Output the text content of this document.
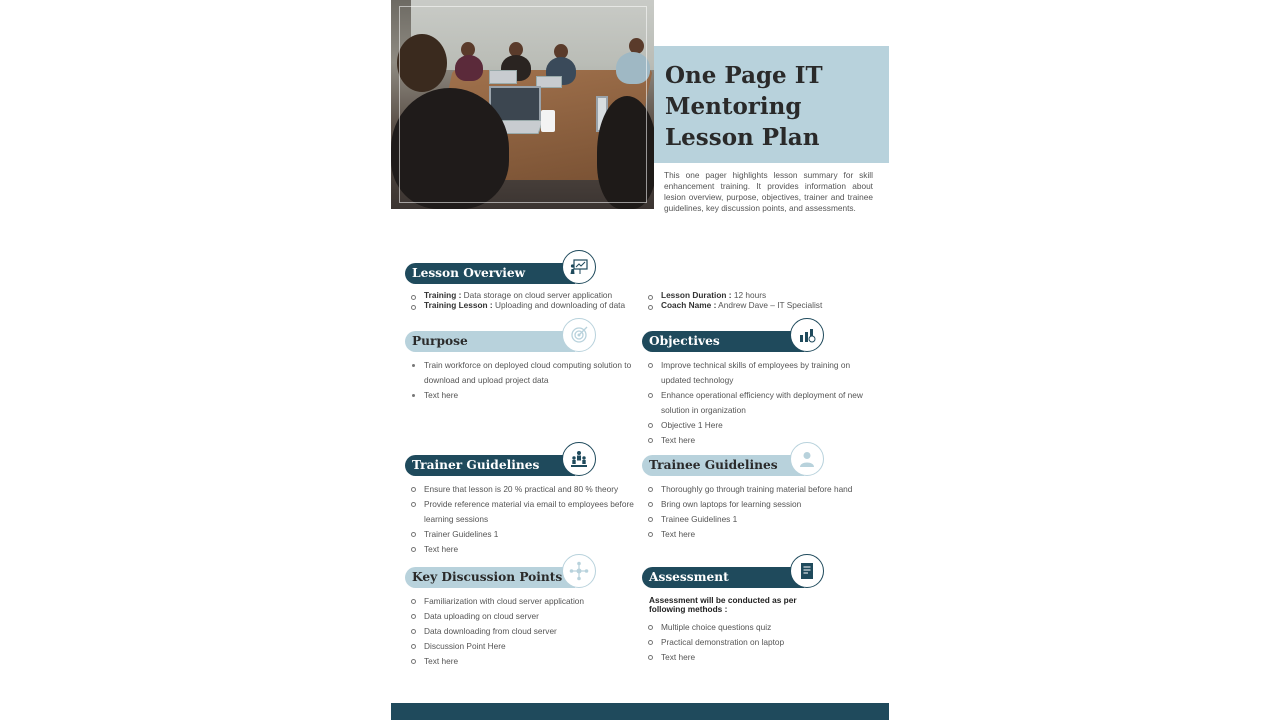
One Page IT Mentoring Lesson Plan

This one pager highlights lesson summary for skill enhancement training. It provides information about lesion overview, purpose, objectives, trainer and trainee guidelines, key discussion points, and assessments.

Lesson Overview
Training : Data storage on cloud server application
Training Lesson : Uploading and downloading of data
Lesson Duration : 12 hours
Coach Name : Andrew Dave – IT Specialist
Purpose
Train workforce on deployed cloud computing solution to download and upload project data
Text here
Objectives
Improve technical skills of employees by training on updated technology
Enhance operational efficiency with deployment of new solution in organization
Objective 1 Here
Text here
Trainer Guidelines
Ensure that lesson is 20 % practical and 80 % theory
Provide reference material via email to employees before learning sessions
Trainer Guidelines 1
Text here
Trainee Guidelines
Thoroughly go through training material before hand
Bring own laptops for learning session
Trainee Guidelines 1
Text here
Key Discussion Points
Familiarization with cloud server application
Data uploading on cloud server
Data downloading from cloud server
Discussion Point Here
Text here
Assessment

Assessment will be conducted as per following methods :

Multiple choice questions quiz
Practical demonstration on laptop
Text here
